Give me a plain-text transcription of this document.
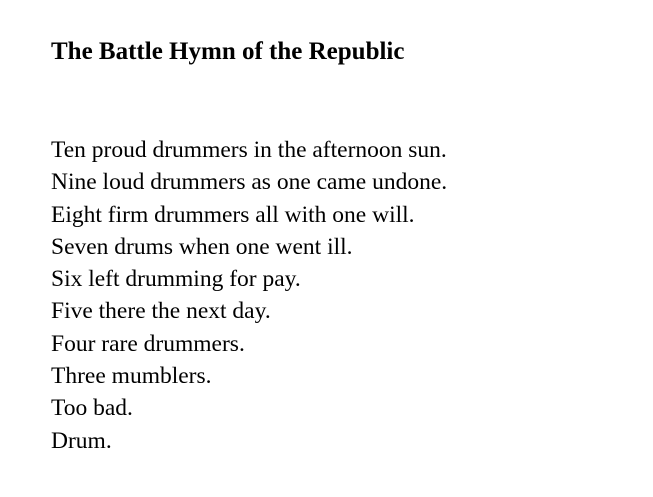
The Battle Hymn of the Republic
Ten proud drummers in the afternoon sun.
Nine loud drummers as one came undone.
Eight firm drummers all with one will.
Seven drums when one went ill.
Six left drumming for pay.
Five there the next day.
Four rare drummers.
Three mumblers.
Too bad.
Drum.
